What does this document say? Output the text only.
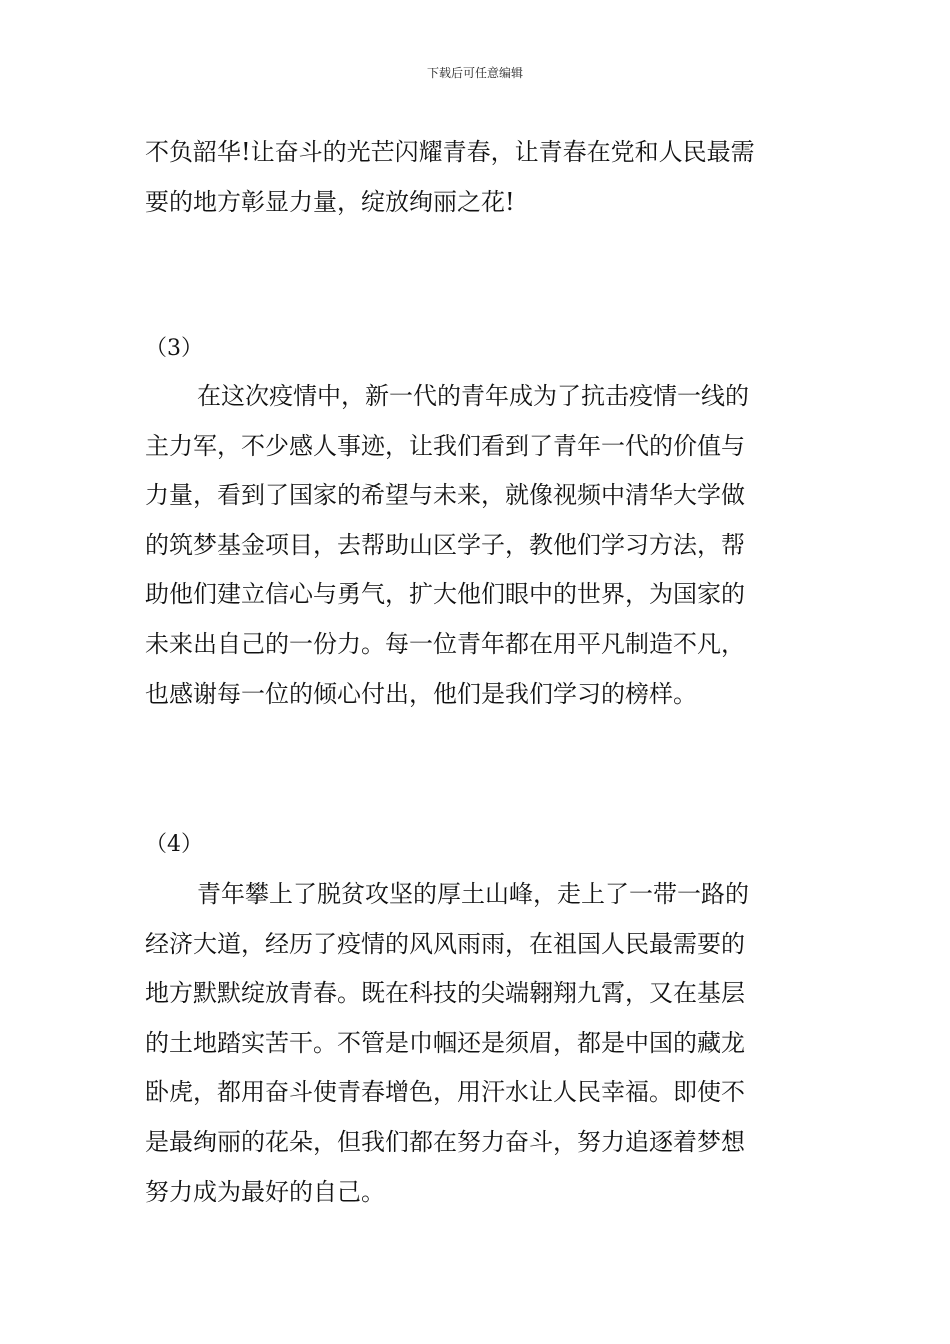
下载后可任意编辑
不负韶华!让奋斗的光芒闪耀青春，让青春在党和人民最需
要的地方彰显力量，绽放绚丽之花!
（3）
在这次疫情中，新一代的青年成为了抗击疫情一线的
主力军，不少感人事迹，让我们看到了青年一代的价值与
力量，看到了国家的希望与未来，就像视频中清华大学做
的筑梦基金项目，去帮助山区学子，教他们学习方法，帮
助他们建立信心与勇气，扩大他们眼中的世界，为国家的
未来出自己的一份力。每一位青年都在用平凡制造不凡，
也感谢每一位的倾心付出，他们是我们学习的榜样。
（4）
青年攀上了脱贫攻坚的厚土山峰，走上了一带一路的
经济大道，经历了疫情的风风雨雨，在祖国人民最需要的
地方默默绽放青春。既在科技的尖端翱翔九霄，又在基层
的土地踏实苦干。不管是巾帼还是须眉，都是中国的藏龙
卧虎，都用奋斗使青春增色，用汗水让人民幸福。即使不
是最绚丽的花朵，但我们都在努力奋斗，努力追逐着梦想
努力成为最好的自己。
